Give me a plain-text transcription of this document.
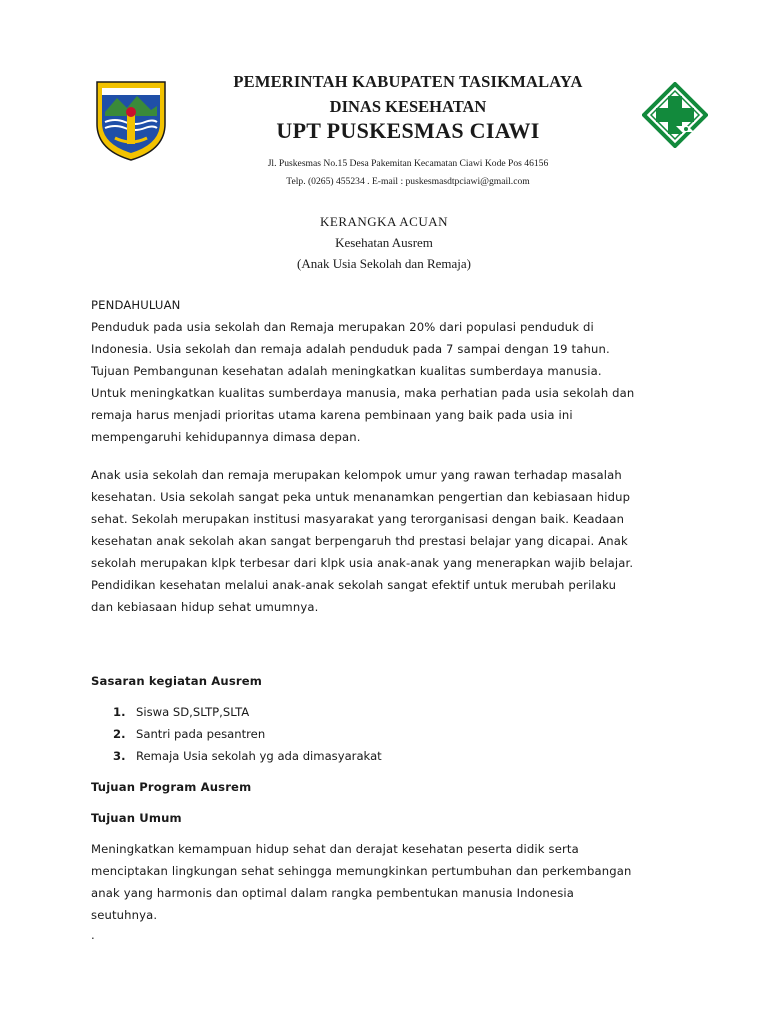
PEMERINTAH KABUPATEN TASIKMALAYA
DINAS KESEHATAN
UPT PUSKESMAS CIAWI
Jl. Puskesmas No.15 Desa Pakemitan Kecamatan Ciawi Kode Pos 46156
Telp. (0265) 455234 . E-mail : puskesmasdtpciawi@gmail.com
KERANGKA ACUAN
Kesehatan Ausrem
(Anak Usia Sekolah dan Remaja)
PENDAHULUAN
Penduduk pada usia sekolah dan Remaja merupakan 20% dari populasi penduduk di
Indonesia. Usia sekolah dan remaja adalah penduduk pada 7 sampai dengan 19 tahun.
Tujuan Pembangunan kesehatan adalah meningkatkan kualitas sumberdaya manusia.
Untuk meningkatkan kualitas sumberdaya manusia, maka perhatian pada usia sekolah dan
remaja harus menjadi prioritas utama karena pembinaan yang baik pada usia ini
mempengaruhi kehidupannya dimasa depan.
Anak usia sekolah dan remaja merupakan kelompok umur yang rawan terhadap masalah
kesehatan. Usia sekolah sangat peka untuk menanamkan pengertian dan kebiasaan hidup
sehat. Sekolah merupakan institusi masyarakat yang terorganisasi dengan baik. Keadaan
kesehatan anak sekolah akan sangat berpengaruh thd prestasi belajar yang dicapai. Anak
sekolah merupakan klpk terbesar dari klpk usia anak-anak yang menerapkan wajib belajar.
Pendidikan kesehatan melalui anak-anak sekolah sangat efektif untuk merubah perilaku
dan kebiasaan hidup sehat umumnya.
Sasaran kegiatan Ausrem
1. Siswa SD,SLTP,SLTA
2. Santri pada pesantren
3. Remaja Usia sekolah yg ada dimasyarakat
Tujuan Program Ausrem
Tujuan Umum
Meningkatkan kemampuan hidup sehat dan derajat kesehatan peserta didik serta
menciptakan lingkungan sehat sehingga memungkinkan pertumbuhan dan perkembangan
anak yang harmonis dan optimal dalam rangka pembentukan manusia Indonesia
seutuhnya.
.
